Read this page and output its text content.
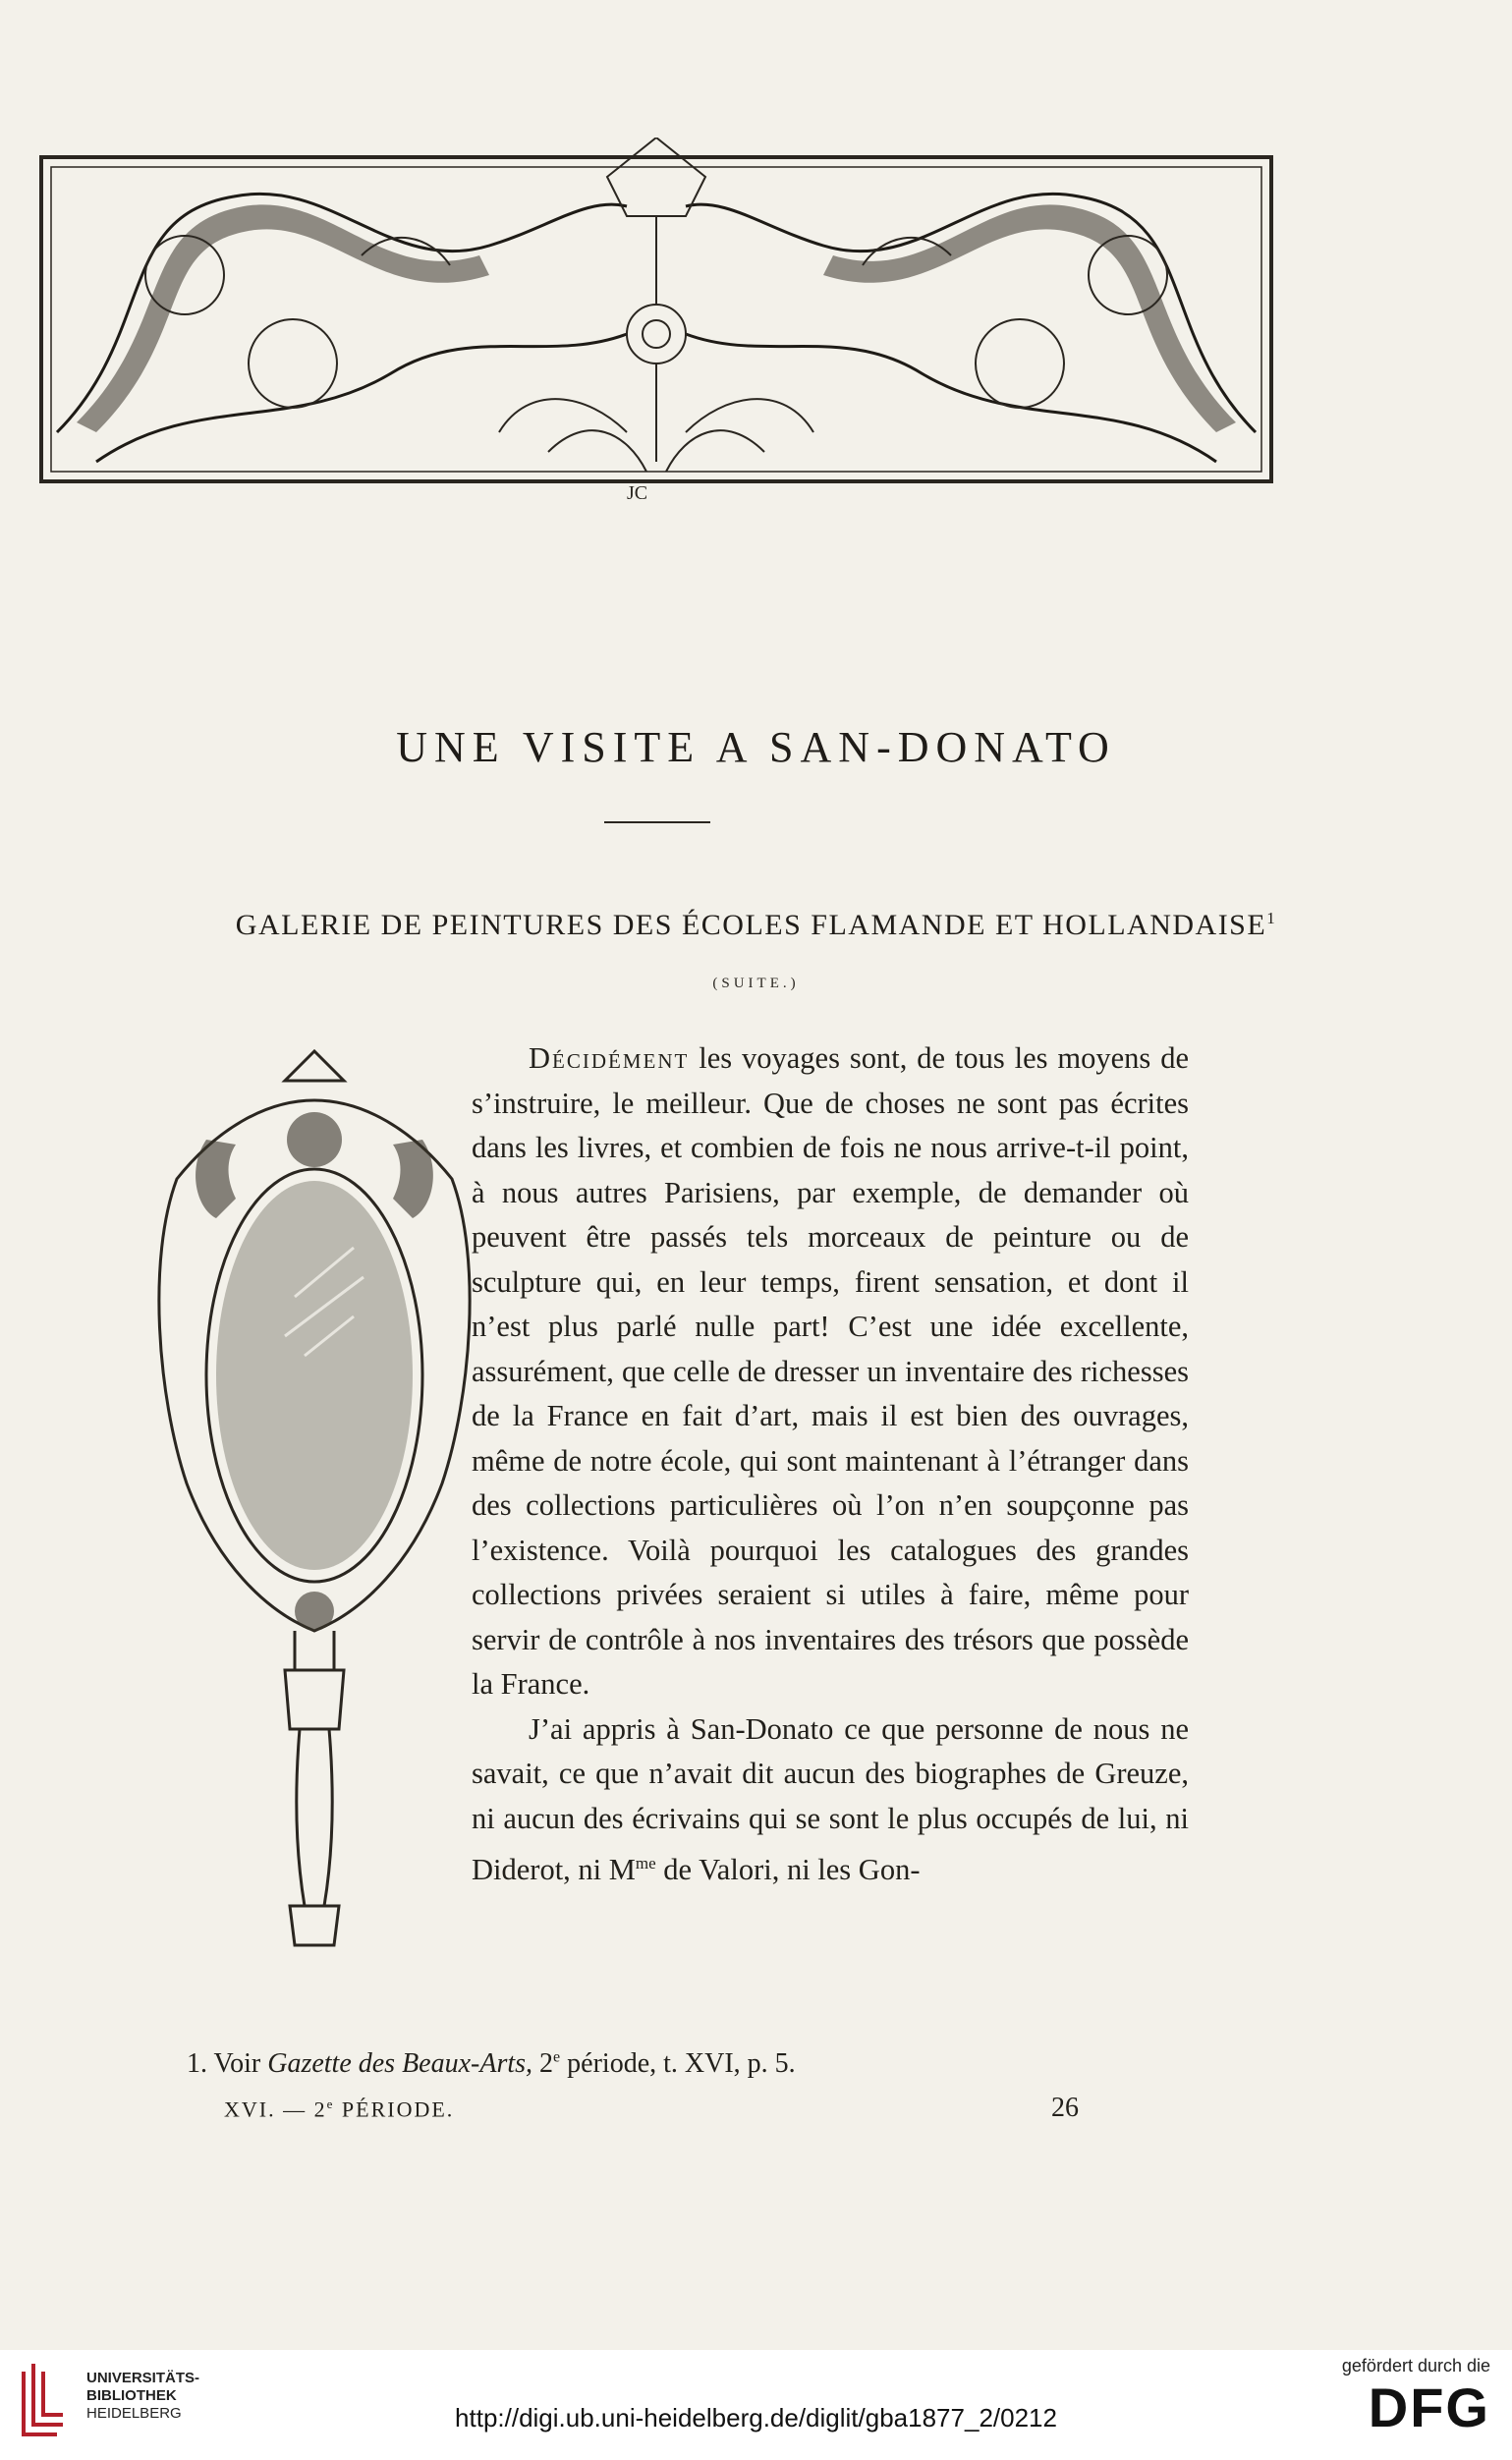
JC
UNE VISITE A SAN-DONATO
GALERIE DE PEINTURES DES ÉCOLES FLAMANDE ET HOLLANDAISE$^1$
(SUITE.)

Décidément les voyages sont, de tous les moyens de s’instruire, le meilleur. Que de choses ne sont pas écrites dans les livres, et combien de fois ne nous arrive-t-il point, à nous autres Parisiens, par exemple, de demander où peuvent être passés tels morceaux de peinture ou de sculpture qui, en leur temps, firent sensation, et dont il n’est plus parlé nulle part! C’est une idée excellente, assurément, que celle de dresser un inventaire des richesses de la France en fait d’art, mais il est bien des ouvrages, même de notre école, qui sont maintenant à l’étranger dans des collections particulières où l’on n’en soupçonne pas l’existence. Voilà pourquoi les catalogues des grandes collections privées seraient si utiles à faire, même pour servir de contrôle à nos inventaires des trésors que possède la France.

J’ai appris à San-Donato ce que personne de nous ne savait, ce que n’avait dit aucun des biographes de Greuze, ni aucun des écrivains qui se sont le plus occupés de lui, ni Diderot, ni $M^{me}$ de Valori, ni les Gon-

1. Voir Gazette des Beaux-Arts, 2e période, t. XVI, p. 5.
XVI. — 2e PÉRIODE.	26
UNIVERSITÄTS-
BIBLIOTHEK
HEIDELBERG	http://digi.ub.uni-heidelberg.de/diglit/gba1877_2/0212
gefördert durch die
DFG
